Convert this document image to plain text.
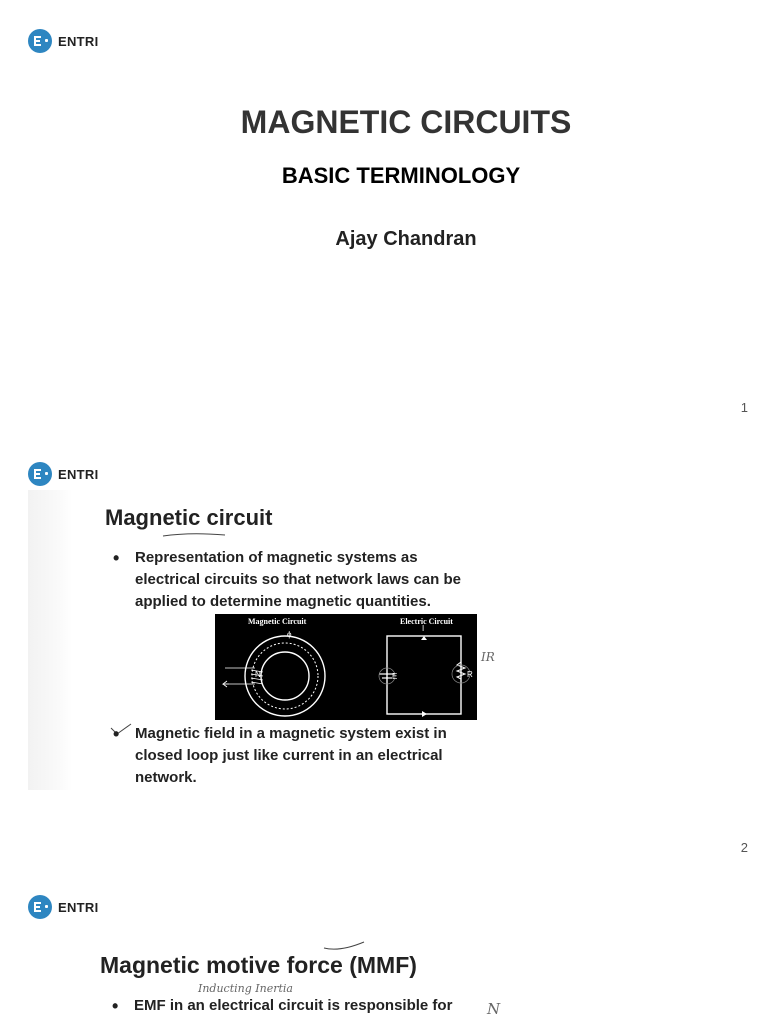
ENTRI
MAGNETIC CIRCUITS
BASIC TERMINOLOGY
Ajay Chandran
1
ENTRI
Magnetic circuit
• Representation of magnetic systems as electrical circuits so that network laws can be applied to determine magnetic quantities.
Magnetic Circuit	Electric Circuit
N
ϕ
I
E	R
IR
• Magnetic field in a magnetic system exist in closed loop just like current in an electrical network.
2
ENTRI
Magnetic motive force (MMF)
Inducting Inertia
• EMF in an electrical circuit is responsible for	N
